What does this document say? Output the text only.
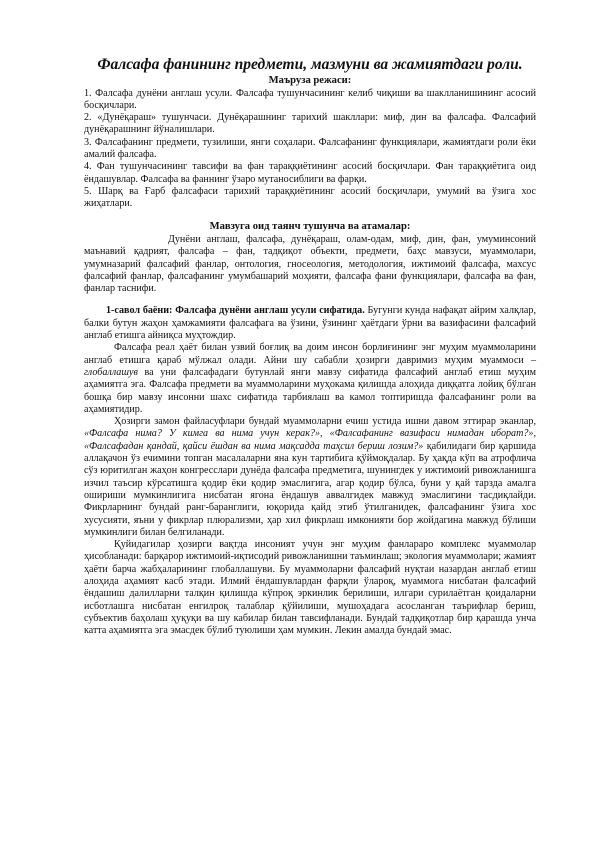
Фалсафа фанининг предмети, мазмуни ва жамиятдаги роли.

Маъруза режаси:

1. Фалсафа дунёни англаш усули. Фалсафа тушунчасининг келиб чиқиши ва шаклланишининг асосий босқичлари.

2. «Дунёқараш» тушунчаси. Дунёқарашнинг тарихий шакллари: миф, дин ва фалсафа. Фалсафий дунёқарашнинг йўналишлари.

3. Фалсафанинг предмети, тузилиши, янги соҳалари. Фалсафанинг функциялари, жамиятдаги роли ёки амалий фалсафа.

4. Фан тушунчасининг тавсифи ва фан тараққиётининг асосий босқичлари. Фан тараққиётига оид ёндашувлар. Фалсафа ва фаннинг ўзаро мутаносиблиги ва фарқи.

5. Шарқ ва Ғарб фалсафаси тарихий тараққиётининг асосий босқичлари, умумий ва ўзига хос жиҳатлари.

Мавзуга оид таянч тушунча ва атамалар:

Дунёни англаш, фалсафа, дунёқараш, олам-одам, миф, дин, фан, умуминсоний маънавий қадрият, фалсафа – фан, тадқиқот объекти, предмети, баҳс мавзуси, муаммолари, умумназарий фалсафий фанлар, онтология, гносеология, методология, ижтимоий фалсафа, махсус фалсафий фанлар, фалсафанинг умумбашарий моҳияти, фалсафа фани функциялари, фалсафа ва фан, фанлар таснифи.

1-савол баёни: Фалсафа дунёни англаш усули сифатида. Бугунги кунда нафақат айрим халқлар, балки бутун жаҳон ҳамжамияти фалсафага ва ўзини, ўзининг ҳаётдаги ўрни ва вазифасини фалсафий англаб етишга айниқса муҳтождир.

Фалсафа реал ҳаёт билан узвий боғлиқ ва доим инсон борлиғининг энг муҳим муаммоларини англаб етишга қараб мўлжал олади. Айни шу сабабли ҳозирги давримиз муҳим муаммоси – глобаллашув ва уни фалсафадаги бутунлай янги мавзу сифатида фалсафий англаб етиш муҳим аҳамиятга эга. Фалсафа предмети ва муаммоларини муҳокама қилишда алоҳида диққатга лойиқ бўлган бошқа бир мавзу инсонни шахс сифатида тарбиялаш ва камол топтиришда фалсафанинг роли ва аҳамиятидир.

Ҳозирги замон файласуфлари бундай муаммоларни ечиш устида ишни давом эттирар эканлар, «Фалсафа нима? У кимга ва нима учун керак?», «Фалсафанинг вазифаси нимадан иборат?», «Фалсафадан қандай, қайси ёшдан ва нима мақсадда таҳсил бериш лозим?» қабилидаги бир қаршида аллақачон ўз ечимини топган масалаларни яна кун тартибига қўймоқдалар. Бу ҳақда кўп ва атрофлича сўз юритилган жаҳон конгресслари дунёда фалсафа предметига, шунингдек у ижтимоий ривожланишга изчил таъсир кўрсатишга қодир ёки қодир эмаслигига, агар қодир бўлса, буни у қай тарзда амалга ошириши мумкинлигига нисбатан ягона ёндашув аввалгидек мавжуд эмаслигини тасдиқлайди. Фикрларнинг бундай ранг-баранглиги, юқорида қайд этиб ўтилганидек, фалсафанинг ўзига хос хусусияти, яъни у фикрлар плюрализми, ҳар хил фикрлаш имконияти бор жойдагина мавжуд бўлиши мумкинлиги билан белгиланади.

Қуйидагилар ҳозирги вақтда инсоният учун энг муҳим фанлараро комплекс муаммолар ҳисобланади: барқарор ижтимоий-иқтисодий ривожланишни таъминлаш; экология муаммолари; жамият ҳаёти барча жабҳаларининг глобаллашуви. Бу муаммоларни фалсафий нуқтаи назардан англаб етиш алоҳида аҳамият касб этади. Илмий ёндашувлардан фарқли ўлароқ, муаммога нисбатан фалсафий ёндашиш далилларни талқин қилишда кўпроқ эркинлик берилиши, илгари сурилаётган қоидаларни исботлашга нисбатан енгилроқ талаблар қўйилиши, мушоҳадага асосланган таърифлар бериш, субъектив баҳолаш ҳуқуқи ва шу кабилар билан тавсифланади. Бундай тадқиқотлар бир қарашда унча катта аҳамиятга эга эмасдек бўлиб туюлиши ҳам мумкин. Лекин амалда бундай эмас.
